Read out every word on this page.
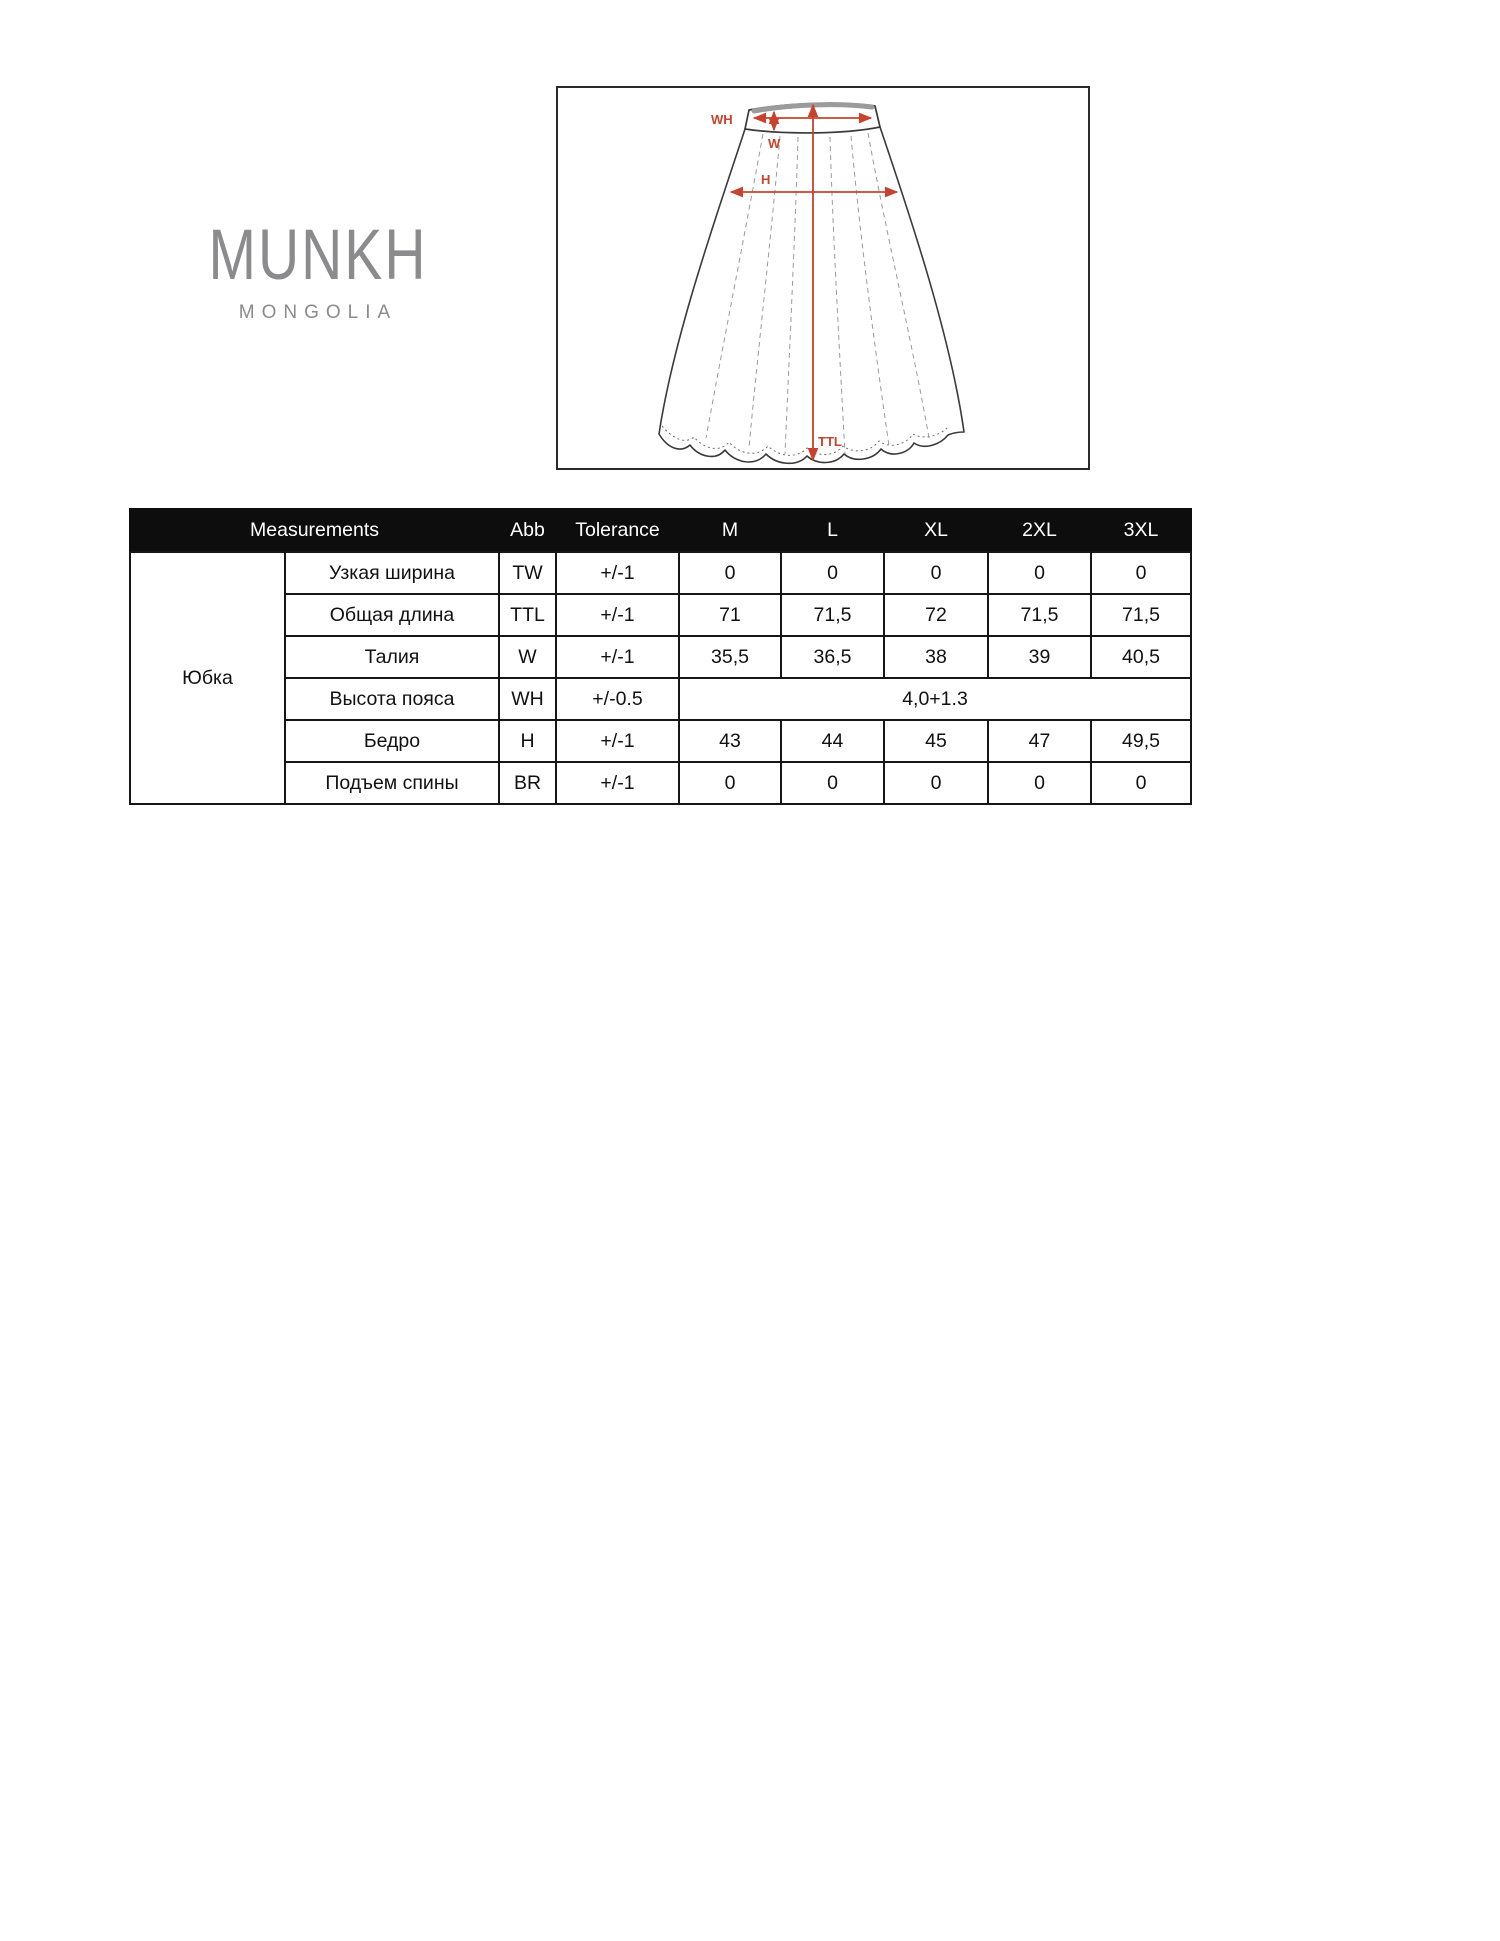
MUNKH
MONGOLIA
WH
W
H
TTL
Measurements		Abb	Tolerance	M	L	XL	2XL	3XL
Юбка	Узкая ширина	TW	+/-1	0	0	0	0	0
	Общая длина	TTL	+/-1	71	71,5	72	71,5	71,5
	Талия	W	+/-1	35,5	36,5	38	39	40,5
	Высота пояса	WH	+/-0.5	4,0+1.3				
	Бедро	H	+/-1	43	44	45	47	49,5
	Подъем спины	BR	+/-1	0	0	0	0	0
